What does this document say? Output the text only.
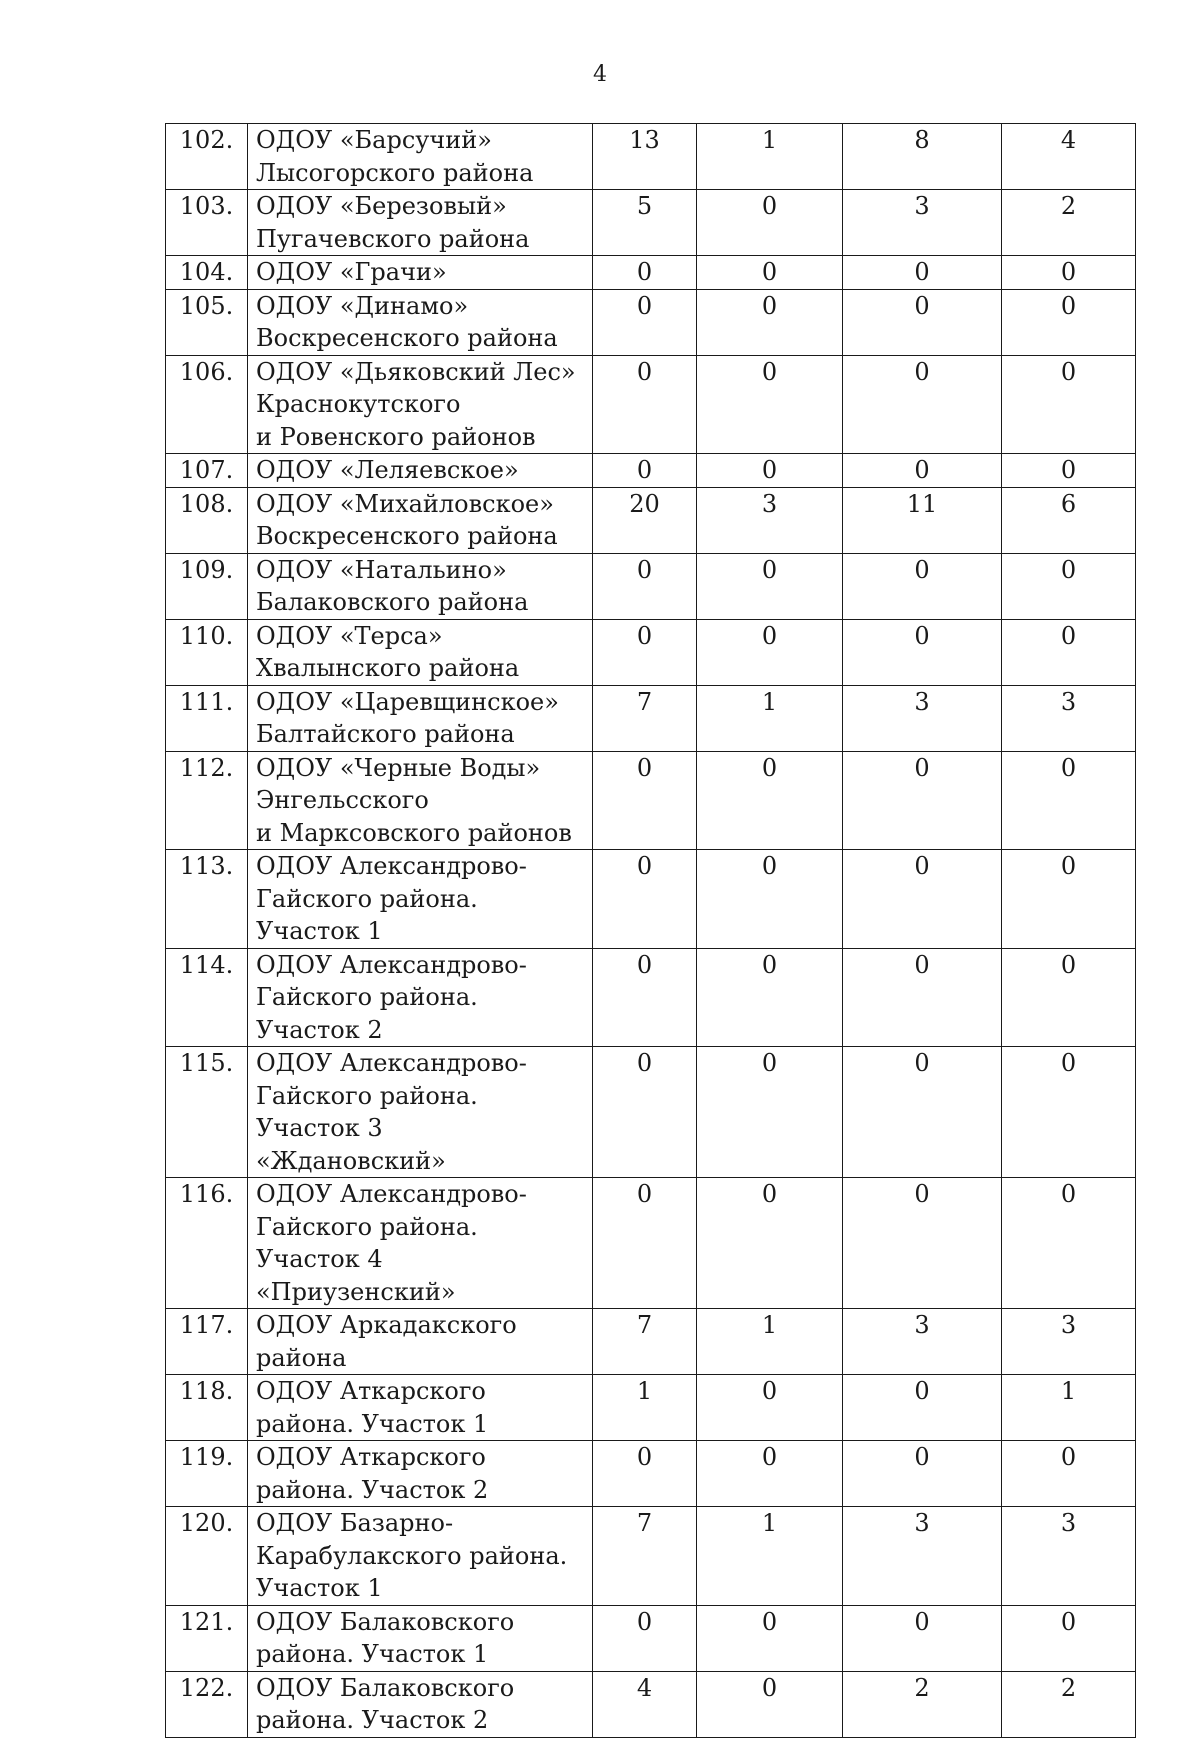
4
102.	ОДОУ «Барсучий»
Лысогорского района	13	1	8	4
103.	ОДОУ «Березовый»
Пугачевского района	5	0	3	2
104.	ОДОУ «Грачи»	0	0	0	0
105.	ОДОУ «Динамо»
Воскресенского района	0	0	0	0
106.	ОДОУ «Дьяковский Лес»
Краснокутского
и Ровенского районов	0	0	0	0
107.	ОДОУ «Леляевское»	0	0	0	0
108.	ОДОУ «Михайловское»
Воскресенского района	20	3	11	6
109.	ОДОУ «Натальино»
Балаковского района	0	0	0	0
110.	ОДОУ «Терса»
Хвалынского района	0	0	0	0
111.	ОДОУ «Царевщинское»
Балтайского района	7	1	3	3
112.	ОДОУ «Черные Воды»
Энгельсского
и Марксовского районов	0	0	0	0
113.	ОДОУ Александрово-
Гайского района. Участок 1	0	0	0	0
114.	ОДОУ Александрово-
Гайского района. Участок 2	0	0	0	0
115.	ОДОУ Александрово-
Гайского района. Участок 3
«Ждановский»	0	0	0	0
116.	ОДОУ Александрово-
Гайского района. Участок 4
«Приузенский»	0	0	0	0
117.	ОДОУ Аркадакского района	7	1	3	3
118.	ОДОУ Аткарского
района. Участок 1	1	0	0	1
119.	ОДОУ Аткарского
района. Участок 2	0	0	0	0
120.	ОДОУ Базарно-
Карабулакского района.
Участок 1	7	1	3	3
121.	ОДОУ Балаковского
района. Участок 1	0	0	0	0
122.	ОДОУ Балаковского
района. Участок 2	4	0	2	2
